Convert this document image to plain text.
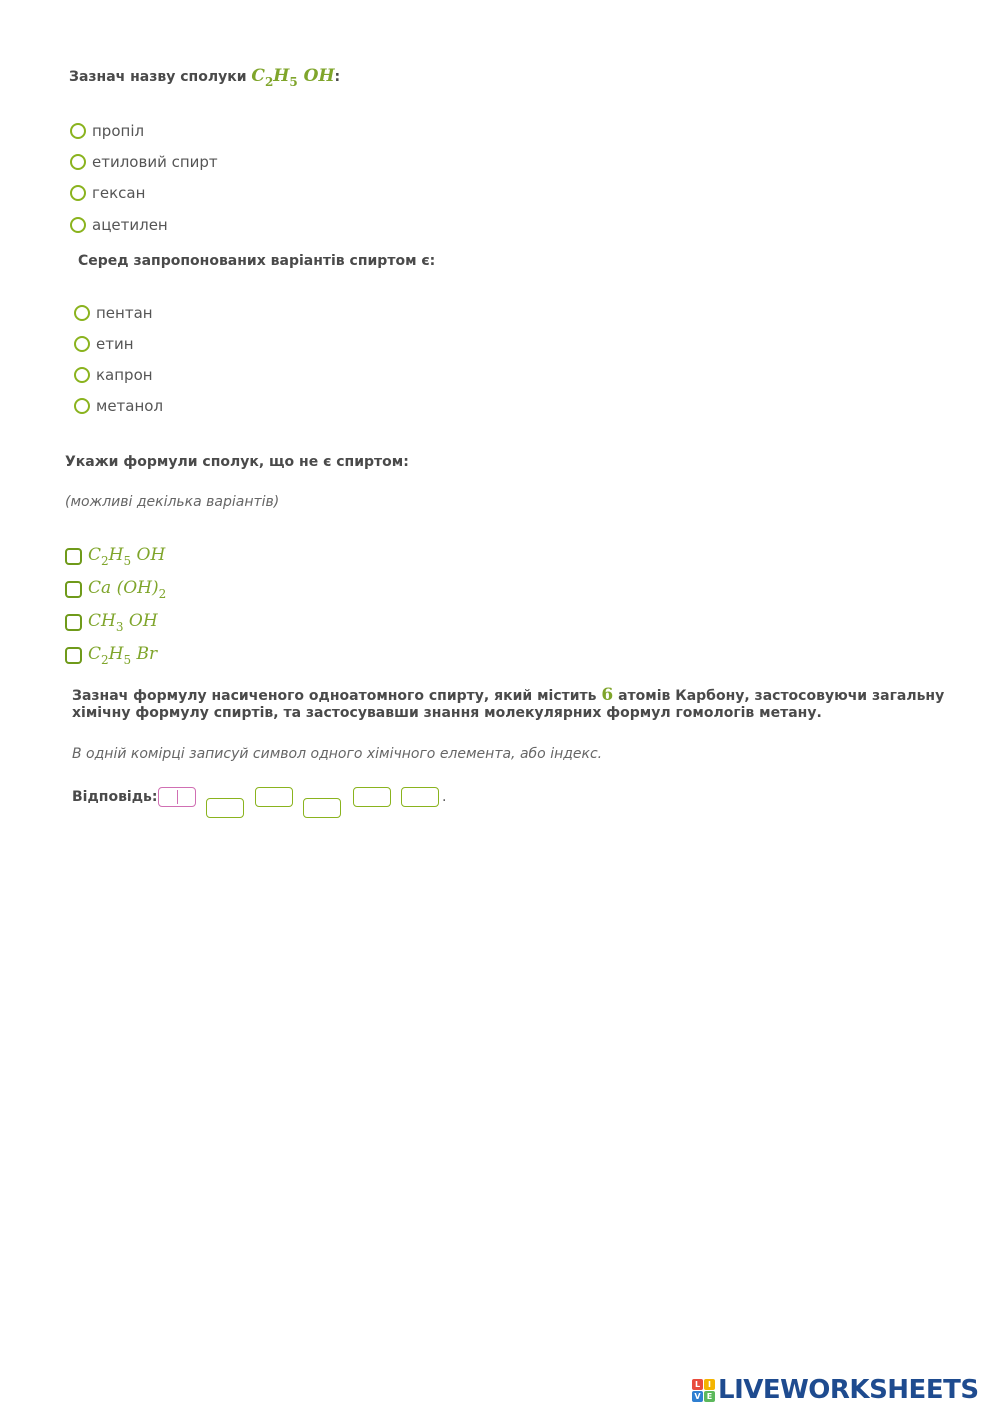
Зазнач назву сполуки $C_2H_5$ OH:
пропіл
етиловий спирт
гексан
ацетилен
Серед запропонованих варіантів спиртом є:
пентан
етин
капрон
метанол
Укажи формули сполук, що не є спиртом:
(можливі декілька варіантів)
$C_2H_5$ OH
Ca $(OH)_2$
$CH_3$ OH
$C_2H_5$ Br
Зазнач формулу насиченого одноатомного спирту, який містить 6 атомів Карбону, застосовуючи загальну
хімічну формулу спиртів, та застосувавши знання молекулярних формул гомологів метану.
В одній комірці записуй символ одного хімічного елемента, або індекс.
Відповідь:	.
L I
V E LIVEWORKSHEETS
